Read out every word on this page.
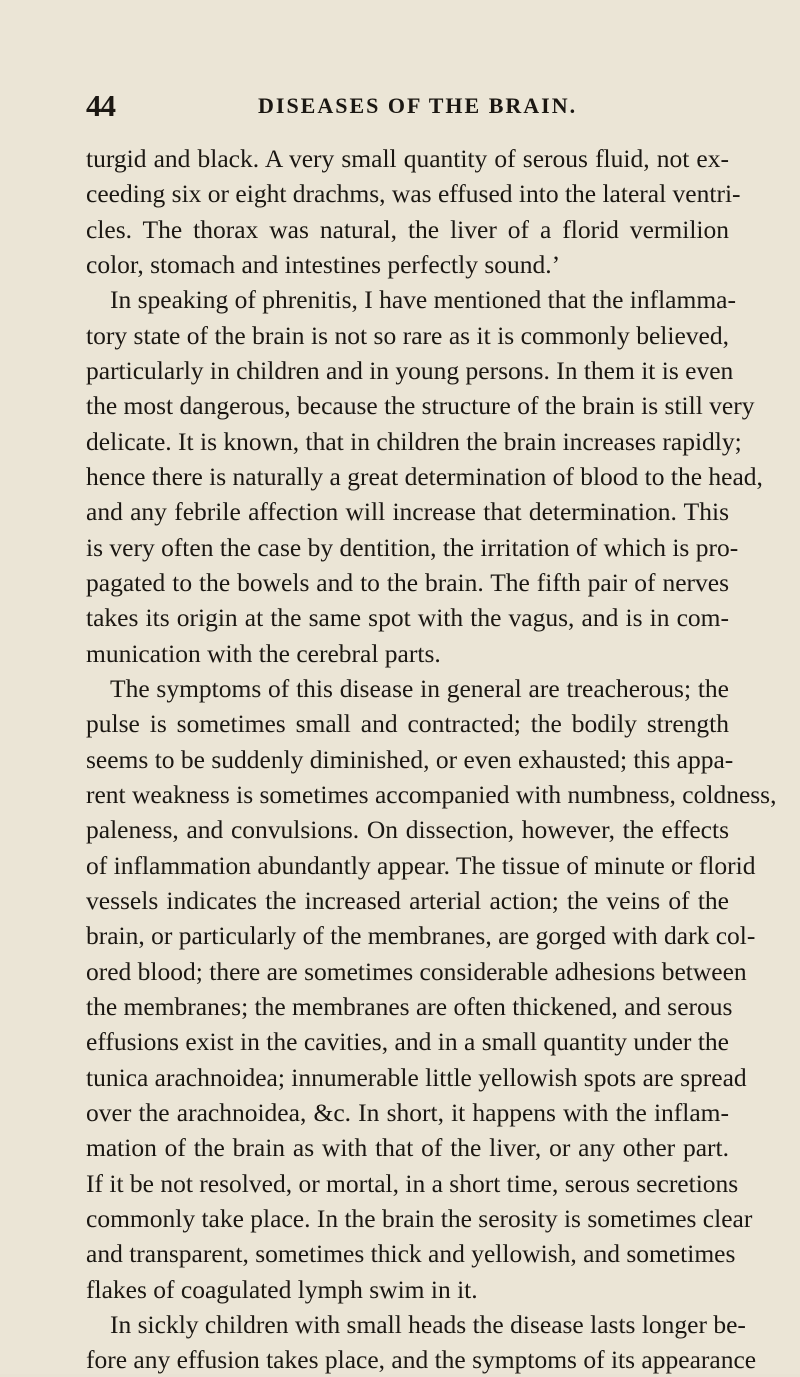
44	DISEASES OF THE BRAIN.
turgid and black. A very small quantity of serous fluid, not ex-
ceeding six or eight drachms, was effused into the lateral ventri-
cles. The thorax was natural, the liver of a florid vermilion
color, stomach and intestines perfectly sound.’
In speaking of phrenitis, I have mentioned that the inflamma-
tory state of the brain is not so rare as it is commonly believed,
particularly in children and in young persons. In them it is even
the most dangerous, because the structure of the brain is still very
delicate. It is known, that in children the brain increases rapidly;
hence there is naturally a great determination of blood to the head,
and any febrile affection will increase that determination. This
is very often the case by dentition, the irritation of which is pro-
pagated to the bowels and to the brain. The fifth pair of nerves
takes its origin at the same spot with the vagus, and is in com-
munication with the cerebral parts.
The symptoms of this disease in general are treacherous; the
pulse is sometimes small and contracted; the bodily strength
seems to be suddenly diminished, or even exhausted; this appa-
rent weakness is sometimes accompanied with numbness, coldness,
paleness, and convulsions. On dissection, however, the effects
of inflammation abundantly appear. The tissue of minute or florid
vessels indicates the increased arterial action; the veins of the
brain, or particularly of the membranes, are gorged with dark col-
ored blood; there are sometimes considerable adhesions between
the membranes; the membranes are often thickened, and serous
effusions exist in the cavities, and in a small quantity under the
tunica arachnoidea; innumerable little yellowish spots are spread
over the arachnoidea, &c. In short, it happens with the inflam-
mation of the brain as with that of the liver, or any other part.
If it be not resolved, or mortal, in a short time, serous secretions
commonly take place. In the brain the serosity is sometimes clear
and transparent, sometimes thick and yellowish, and sometimes
flakes of coagulated lymph swim in it.
In sickly children with small heads the disease lasts longer be-
fore any effusion takes place, and the symptoms of its appearance
